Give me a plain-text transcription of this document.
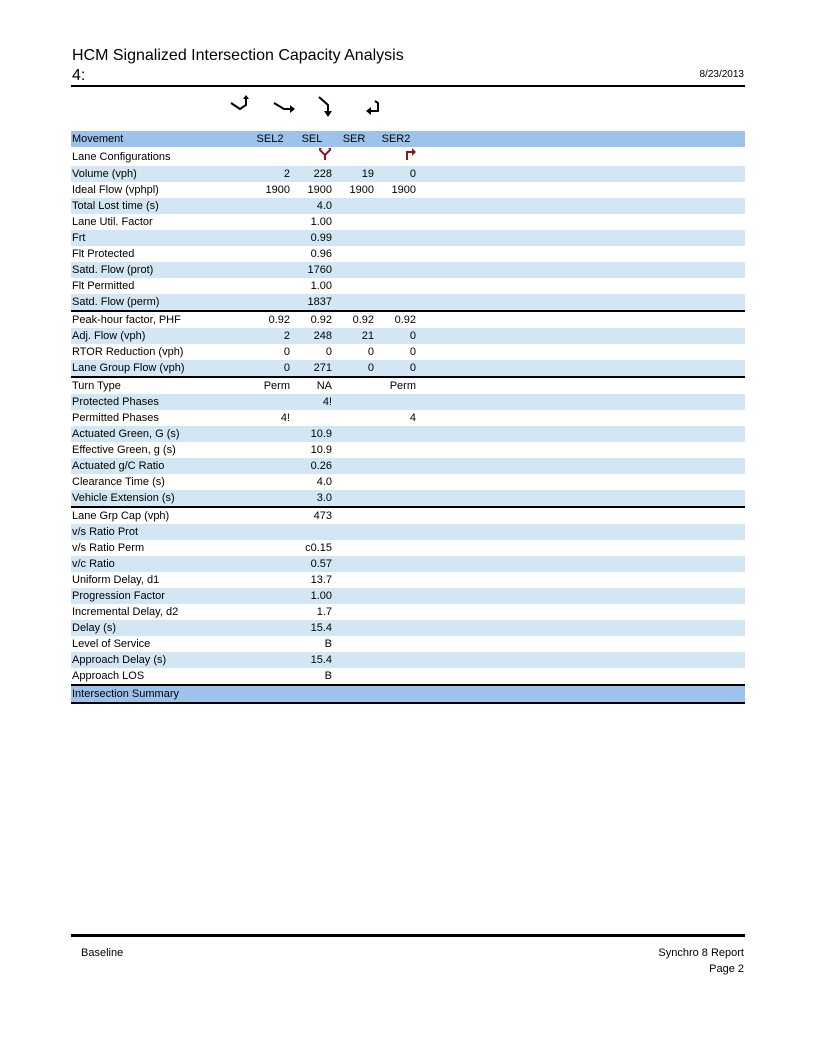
HCM Signalized Intersection Capacity Analysis
4:	8/23/2013
Movement		SEL2	SEL	SER	SER2	
Lane Configurations						
Volume (vph)		2	228	19	0	
Ideal Flow (vphpl)		1900	1900	1900	1900	
Total Lost time (s)			4.0			
Lane Util. Factor			1.00			
Frt			0.99			
Flt Protected			0.96			
Satd. Flow (prot)			1760			
Flt Permitted			1.00			
Satd. Flow (perm)			1837			
Peak-hour factor, PHF		0.92	0.92	0.92	0.92	
Adj. Flow (vph)		2	248	21	0	
RTOR Reduction (vph)		0	0	0	0	
Lane Group Flow (vph)		0	271	0	0	
Turn Type		Perm	NA		Perm	
Protected Phases			4!			
Permitted Phases		4!			4	
Actuated Green, G (s)			10.9			
Effective Green, g (s)			10.9			
Actuated g/C Ratio			0.26			
Clearance Time (s)			4.0			
Vehicle Extension (s)			3.0			
Lane Grp Cap (vph)			473			
v/s Ratio Prot						
v/s Ratio Perm			c0.15			
v/c Ratio			0.57			
Uniform Delay, d1			13.7			
Progression Factor			1.00			
Incremental Delay, d2			1.7			
Delay (s)			15.4			
Level of Service			B			
Approach Delay (s)			15.4			
Approach LOS			B			
Intersection Summary						
Baseline	Synchro 8 Report
Page 2
